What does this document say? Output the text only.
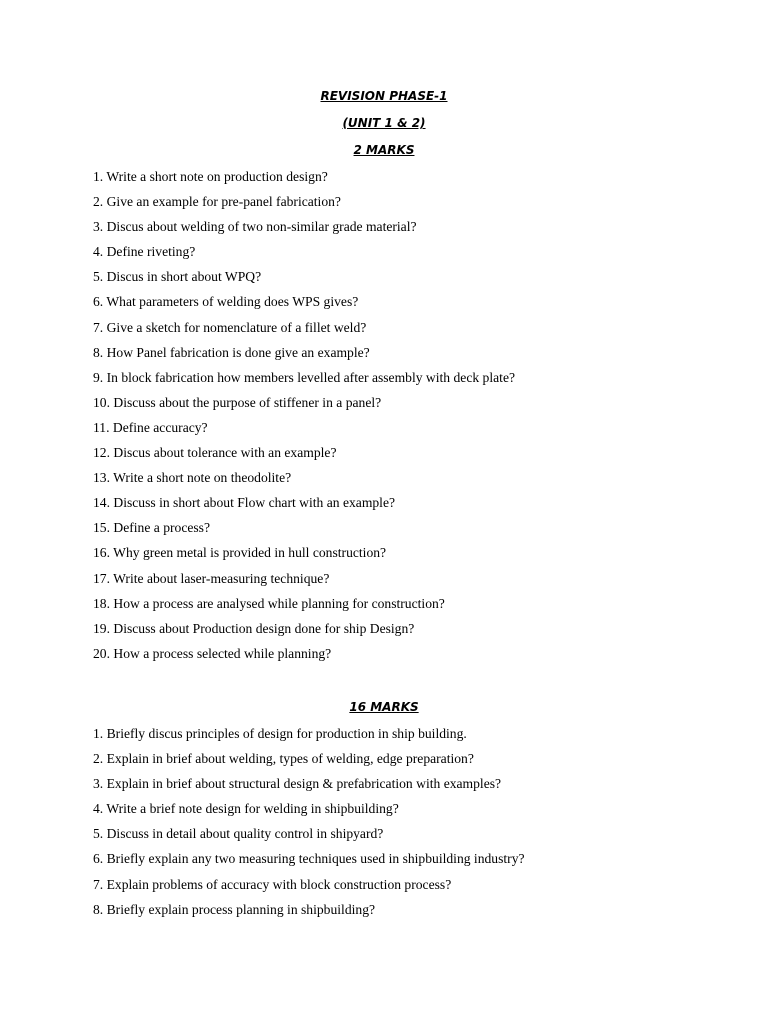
REVISION PHASE-1
(UNIT 1 & 2)
2 MARKS
1. Write a short note on production design?
2. Give an example for pre-panel fabrication?
3. Discus about welding of two non-similar grade material?
4. Define riveting?
5. Discus in short about WPQ?
6. What parameters of welding does WPS gives?
7. Give a sketch for nomenclature of a fillet weld?
8. How Panel fabrication is done give an example?
9. In block fabrication how members levelled after assembly with deck plate?
10. Discuss about the purpose of stiffener in a panel?
11. Define accuracy?
12. Discus about tolerance with an example?
13. Write a short note on theodolite?
14. Discuss in short about Flow chart with an example?
15. Define a process?
16. Why green metal is provided in hull construction?
17. Write about laser-measuring technique?
18. How a process are analysed while planning for construction?
19. Discuss about Production design done for ship Design?
20. How a process selected while planning?
16 MARKS
1. Briefly discus principles of design for production in ship building.
2. Explain in brief about welding, types of welding, edge preparation?
3. Explain in brief about structural design & prefabrication with examples?
4. Write a brief note design for welding in shipbuilding?
5. Discuss in detail about quality control in shipyard?
6. Briefly explain any two measuring techniques used in shipbuilding industry?
7. Explain problems of accuracy with block construction process?
8. Briefly explain process planning in shipbuilding?
